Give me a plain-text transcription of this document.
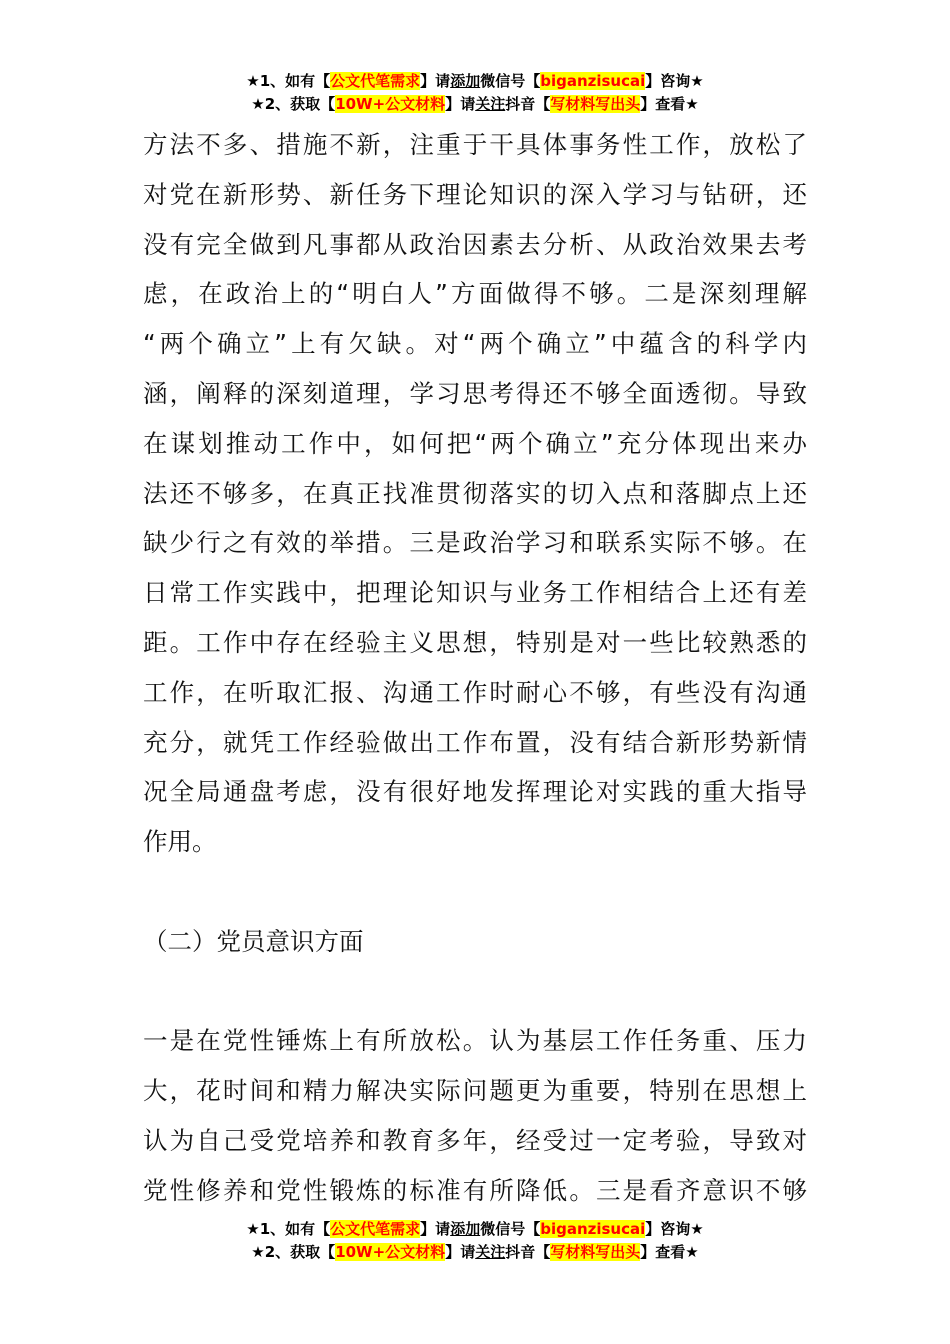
★1、如有【公文代笔需求】请添加微信号【biganzisucai】咨询★
★2、获取【10W+公文材料】请关注抖音【写材料写出头】查看★
方法不多、措施不新，注重于干具体事务性工作，放松了
对党在新形势、新任务下理论知识的深入学习与钻研，还
没有完全做到凡事都从政治因素去分析、从政治效果去考
虑，在政治上的“明白人”方面做得不够。二是深刻理解
“两个确立”上有欠缺。对“两个确立”中蕴含的科学内
涵，阐释的深刻道理，学习思考得还不够全面透彻。导致
在谋划推动工作中，如何把“两个确立”充分体现出来办
法还不够多，在真正找准贯彻落实的切入点和落脚点上还
缺少行之有效的举措。三是政治学习和联系实际不够。在
日常工作实践中，把理论知识与业务工作相结合上还有差
距。工作中存在经验主义思想，特别是对一些比较熟悉的
工作，在听取汇报、沟通工作时耐心不够，有些没有沟通
充分，就凭工作经验做出工作布置，没有结合新形势新情
况全局通盘考虑，没有很好地发挥理论对实践的重大指导
作用。
（二）党员意识方面
一是在党性锤炼上有所放松。认为基层工作任务重、压力
大，花时间和精力解决实际问题更为重要，特别在思想上
认为自己受党培养和教育多年，经受过一定考验，导致对
党性修养和党性锻炼的标准有所降低。三是看齐意识不够
★1、如有【公文代笔需求】请添加微信号【biganzisucai】咨询★
★2、获取【10W+公文材料】请关注抖音【写材料写出头】查看★
